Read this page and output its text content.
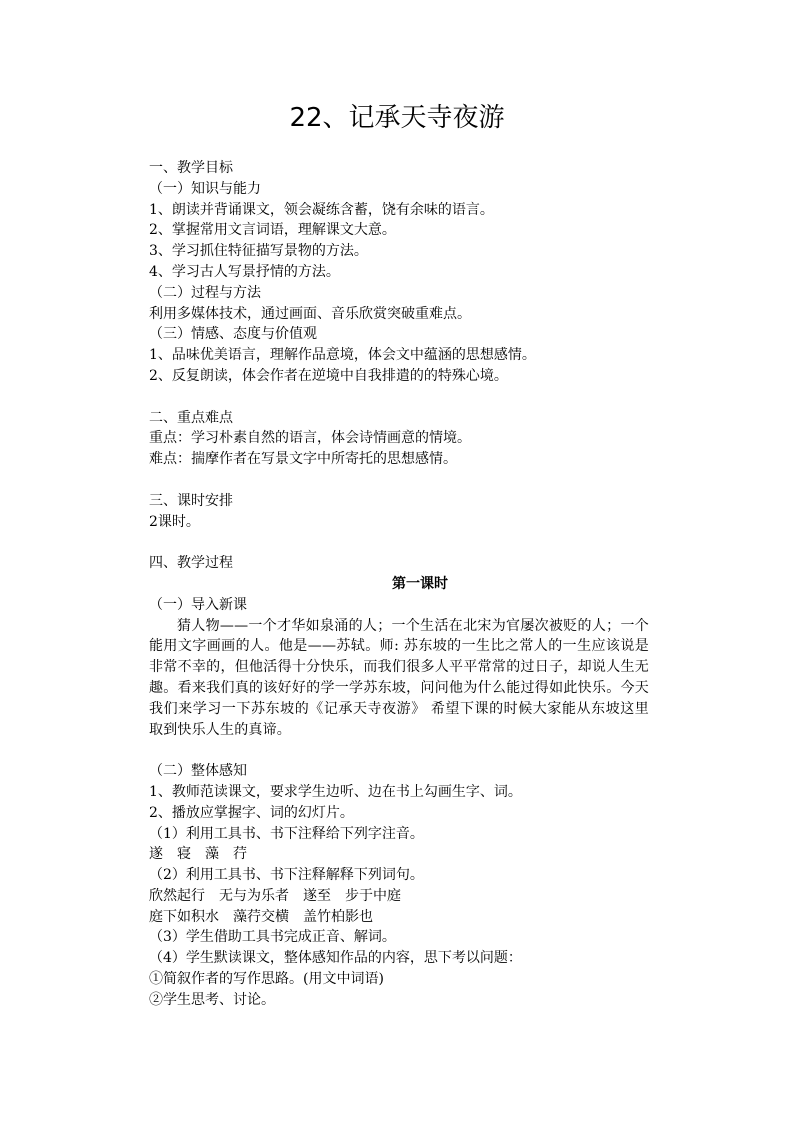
22、记承天寺夜游
一、教学目标
（一）知识与能力
1、朗读并背诵课文，领会凝练含蓄，饶有余味的语言。
2、掌握常用文言词语，理解课文大意。
3、学习抓住特征描写景物的方法。
4、学习古人写景抒情的方法。
（二）过程与方法
利用多媒体技术，通过画面、音乐欣赏突破重难点。
（三）情感、态度与价值观
1、品味优美语言，理解作品意境，体会文中蕴涵的思想感情。
2、反复朗读，体会作者在逆境中自我排遣的的特殊心境。
二、重点难点
重点：学习朴素自然的语言，体会诗情画意的情境。
难点：揣摩作者在写景文字中所寄托的思想感情。
三、课时安排
2课时。
四、教学过程
第一课时
（一）导入新课
猜人物——一个才华如泉涌的人；一个生活在北宋为官屡次被贬的人；一个能用文字画画的人。他是——苏轼。师: 苏东坡的一生比之常人的一生应该说是非常不幸的，但他活得十分快乐，而我们很多人平平常常的过日子，却说人生无趣。看来我们真的该好好的学一学苏东坡，问问他为什么能过得如此快乐。今天我们来学习一下苏东坡的《记承天寺夜游》 希望下课的时候大家能从东坡这里取到快乐人生的真谛。
（二）整体感知
1、教师范读课文，要求学生边听、边在书上勾画生字、词。
2、播放应掌握字、词的幻灯片。
（1）利用工具书、书下注释给下列字注音。
遂　寝　藻　荇
（2）利用工具书、书下注释解释下列词句。
欣然起行　无与为乐者　遂至　步于中庭
庭下如积水　藻荇交横　盖竹柏影也
（3）学生借助工具书完成正音、解词。
（4）学生默读课文，整体感知作品的内容，思下考以问题：
①简叙作者的写作思路。(用文中词语)
②学生思考、讨论。
